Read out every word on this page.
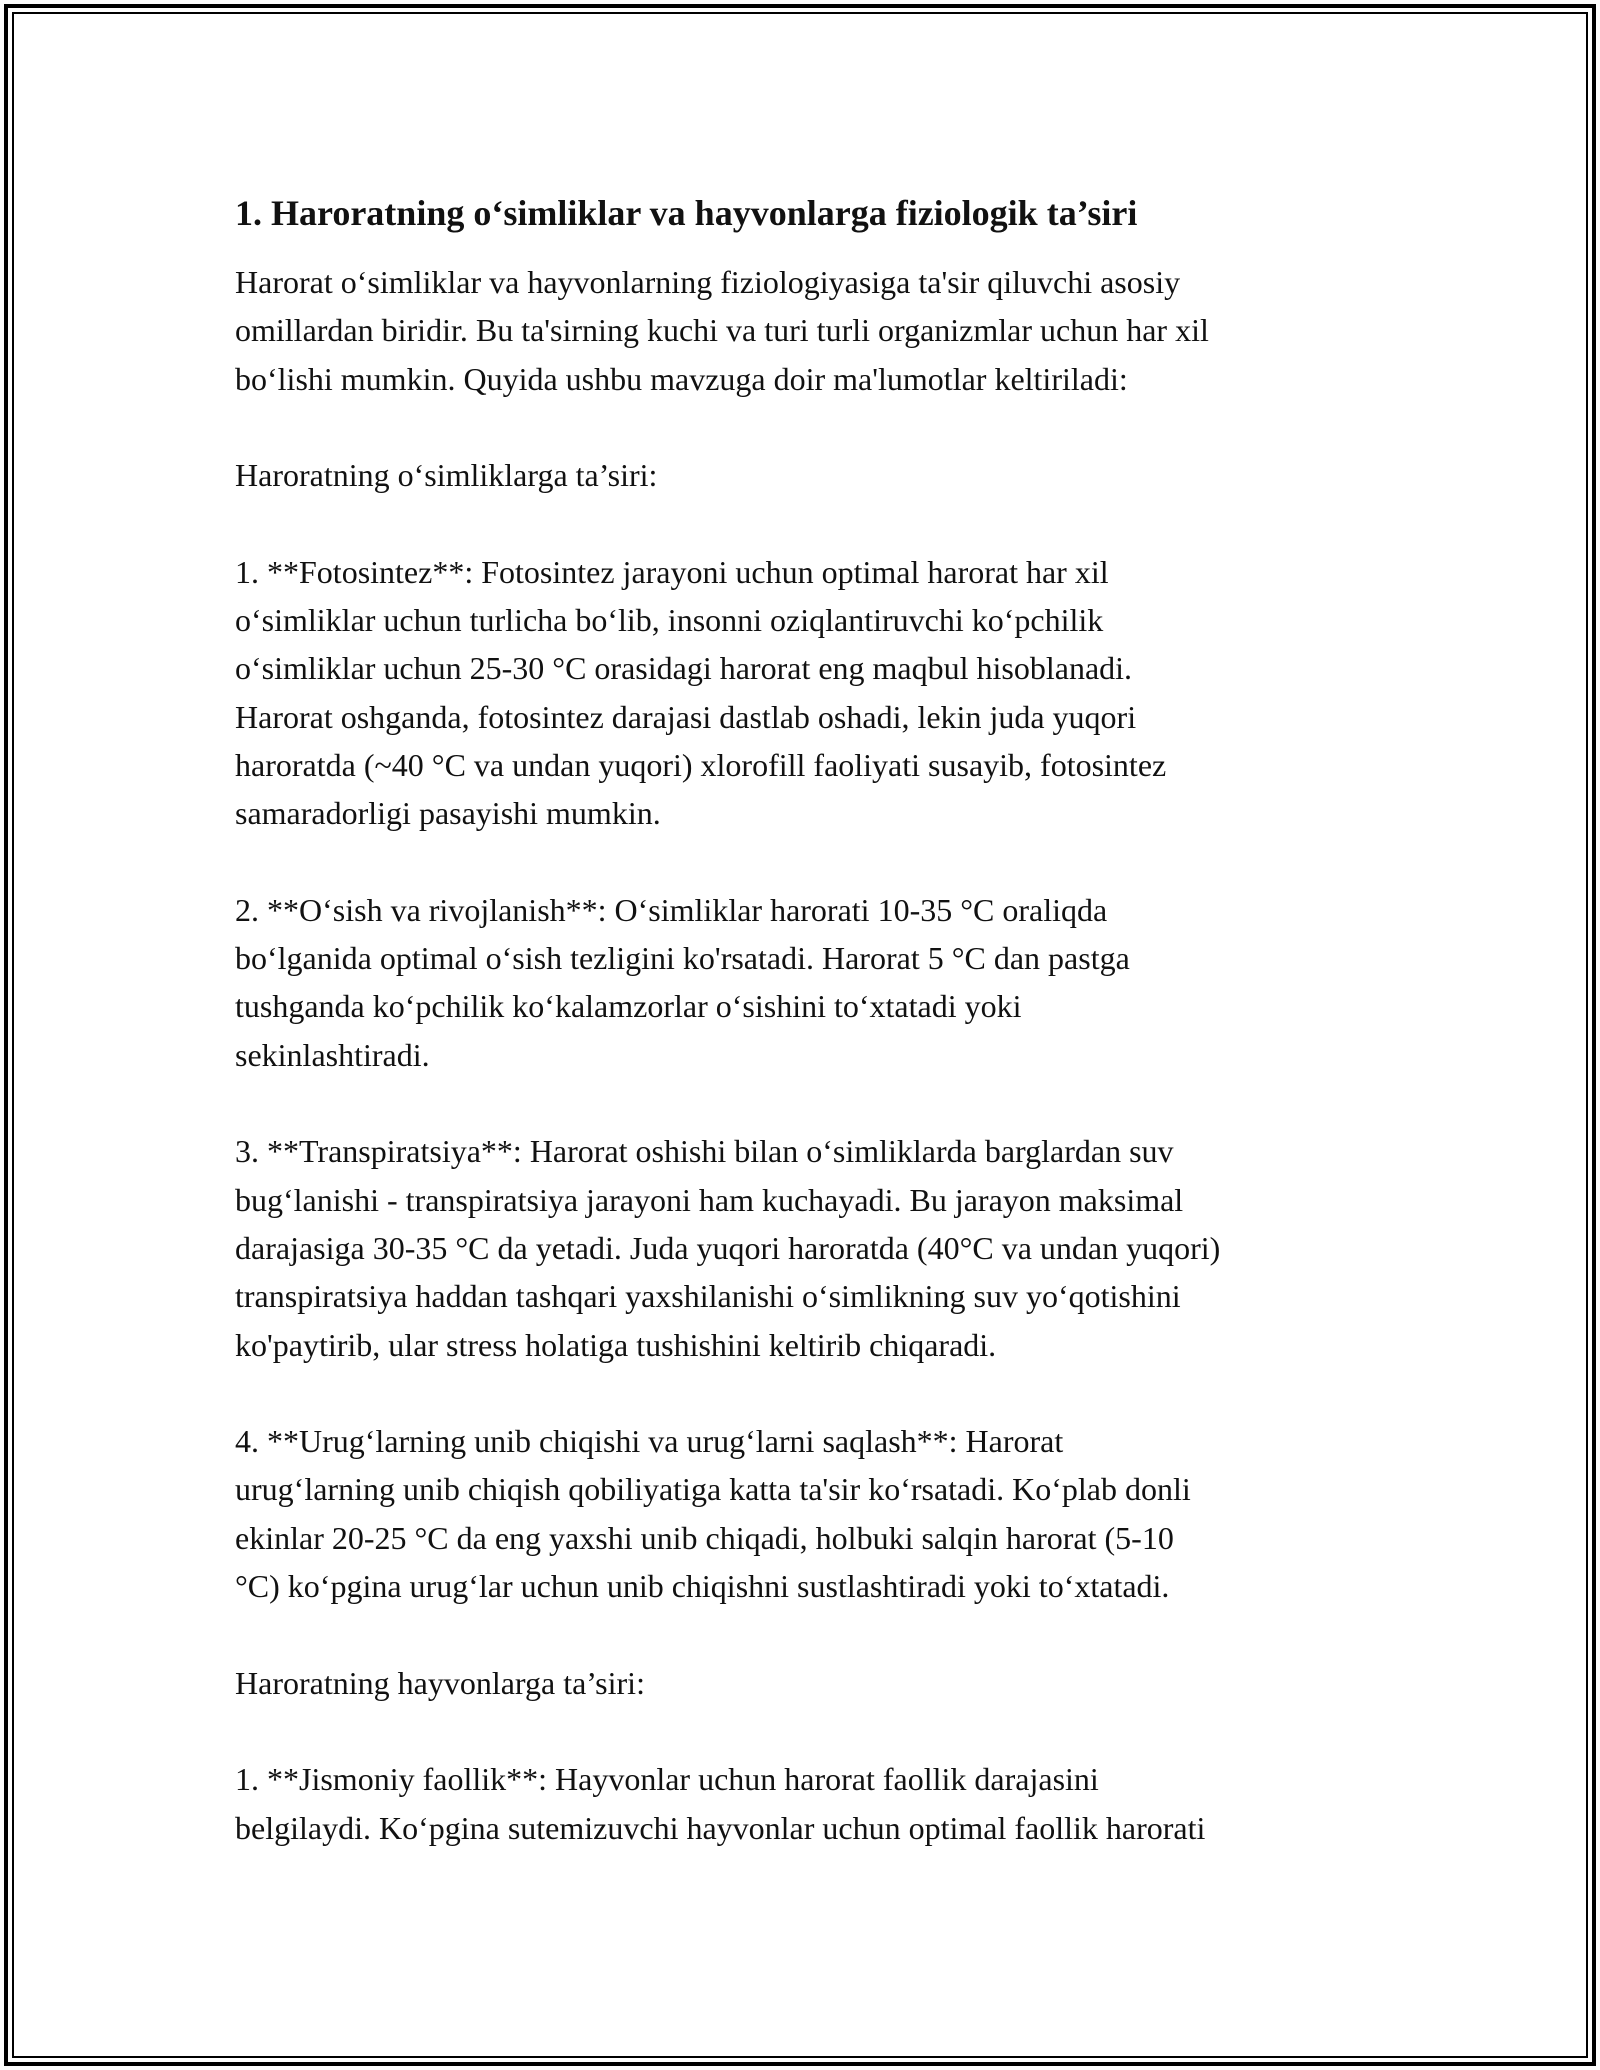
1. Haroratning o‘simliklar va hayvonlarga fiziologik ta’siri

Harorat o‘simliklar va hayvonlarning fiziologiyasiga ta'sir qiluvchi asosiy
omillardan biridir. Bu ta'sirning kuchi va turi turli organizmlar uchun har xil
bo‘lishi mumkin. Quyida ushbu mavzuga doir ma'lumotlar keltiriladi:

Haroratning o‘simliklarga ta’siri:

1. **Fotosintez**: Fotosintez jarayoni uchun optimal harorat har xil
o‘simliklar uchun turlicha bo‘lib, insonni oziqlantiruvchi ko‘pchilik
o‘simliklar uchun 25-30 °C orasidagi harorat eng maqbul hisoblanadi.
Harorat oshganda, fotosintez darajasi dastlab oshadi, lekin juda yuqori
haroratda (~40 °C va undan yuqori) xlorofill faoliyati susayib, fotosintez
samaradorligi pasayishi mumkin.

2. **O‘sish va rivojlanish**: O‘simliklar harorati 10-35 °C oraliqda
bo‘lganida optimal o‘sish tezligini ko'rsatadi. Harorat 5 °C dan pastga
tushganda ko‘pchilik ko‘kalamzorlar o‘sishini to‘xtatadi yoki
sekinlashtiradi.

3. **Transpiratsiya**: Harorat oshishi bilan o‘simliklarda barglardan suv
bug‘lanishi - transpiratsiya jarayoni ham kuchayadi. Bu jarayon maksimal
darajasiga 30-35 °C da yetadi. Juda yuqori haroratda (40°C va undan yuqori)
transpiratsiya haddan tashqari yaxshilanishi o‘simlikning suv yo‘qotishini
ko'paytirib, ular stress holatiga tushishini keltirib chiqaradi.

4. **Urug‘larning unib chiqishi va urug‘larni saqlash**: Harorat
urug‘larning unib chiqish qobiliyatiga katta ta'sir ko‘rsatadi. Ko‘plab donli
ekinlar 20-25 °C da eng yaxshi unib chiqadi, holbuki salqin harorat (5-10
°C) ko‘pgina urug‘lar uchun unib chiqishni sustlashtiradi yoki to‘xtatadi.

Haroratning hayvonlarga ta’siri:

1. **Jismoniy faollik**: Hayvonlar uchun harorat faollik darajasini
belgilaydi. Ko‘pgina sutemizuvchi hayvonlar uchun optimal faollik harorati
